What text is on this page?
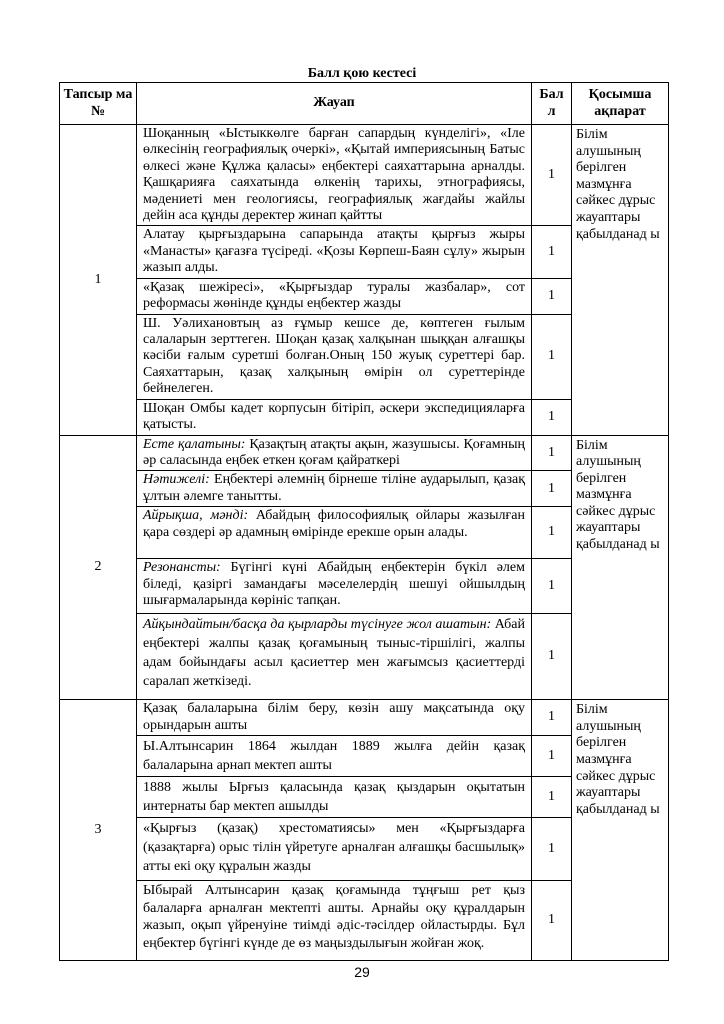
Балл қою кестесі
Тапсыр ма №	Жауап	Бал л	Қосымша ақпарат
1	Шоқанның «Ыстыккөлге барған сапардың күнделігі», «Іле өлкесінің географиялық очеркі», «Қытай империясының Батыс өлкесі және Құлжа қаласы» еңбектері саяхаттарына арналды. Қашқарияға саяхатында өлкенің тарихы, этнографиясы, мәдениеті мен геологиясы, географиялық жағдайы жайлы дейін аса құнды деректер жинап қайтты	1	Білім алушының берілген мазмұнға сәйкес дұрыс жауаптары қабылданад ы
	Алатау қырғыздарына сапарында атақты қырғыз жыры «Манасты» қағазға түсіреді. «Қозы Көрпеш-Баян сұлу» жырын жазып алды.	1	
	«Қазақ шежіресі», «Қырғыздар туралы жазбалар», сот реформасы жөнінде құнды еңбектер жазды	1	
	Ш. Уәлихановтың аз ғұмыр кешсе де, көптеген ғылым салаларын зерттеген. Шоқан қазақ халқынан шыққан алғашқы кәсіби ғалым суретші болған.Оның 150 жуық суреттері бар. Саяхаттарын, қазақ халқының өмірін ол суреттерінде бейнелеген.	1	
	Шоқан Омбы кадет корпусын бітіріп, әскери экспедицияларға қатысты.	1	
2	Есте қалатыны: Қазақтың атақты ақын, жазушысы. Қоғамның әр саласында еңбек еткен қоғам қайраткері	1	Білім алушының берілген мазмұнға сәйкес дұрыс жауаптары қабылданад ы
	Нәтижелі: Еңбектері әлемнің бірнеше тіліне аударылып, қазақ ұлтын әлемге танытты.	1	
	Айрықша, мәнді: Абайдың философиялық ойлары жазылған қара сөздері әр адамның өмірінде ерекше орын алады.	1	
	Резонансты: Бүгінгі күні Абайдың еңбектерін бүкіл әлем біледі, қазіргі замандағы мәселелердің шешуі ойшылдың шығармаларында көрініс тапқан.	1	
	Айқындайтын/басқа да қырларды түсінуге жол ашатын: Абай еңбектері жалпы қазақ қоғамының тыныс-тіршілігі, жалпы адам бойындағы асыл қасиеттер мен жағымсыз қасиеттерді саралап жеткізеді.	1	
3	Қазақ балаларына білім беру, көзін ашу мақсатында оқу орындарын ашты	1	Білім алушының берілген мазмұнға сәйкес дұрыс жауаптары қабылданад ы
	Ы.Алтынсарин 1864 жылдан 1889 жылға дейін қазақ балаларына арнап мектеп ашты	1	
	1888 жылы Ырғыз қаласында қазақ қыздарын оқытатын интернаты бар мектеп ашылды	1	
	«Қырғыз (қазақ) хрестоматиясы» мен «Қырғыздарға (қазақтарға) орыс тілін үйретуге арналған алғашқы басшылық» атты екі оқу құралын жазды	1	
	Ыбырай Алтынсарин қазақ қоғамында тұңғыш рет қыз балаларға арналған мектепті ашты. Арнайы оқу құралдарын жазып, оқып үйренуіне тиімді әдіс-тәсілдер ойластырды. Бұл еңбектер бүгінгі күнде де өз маңыздылығын жойған жоқ.	1	
29
